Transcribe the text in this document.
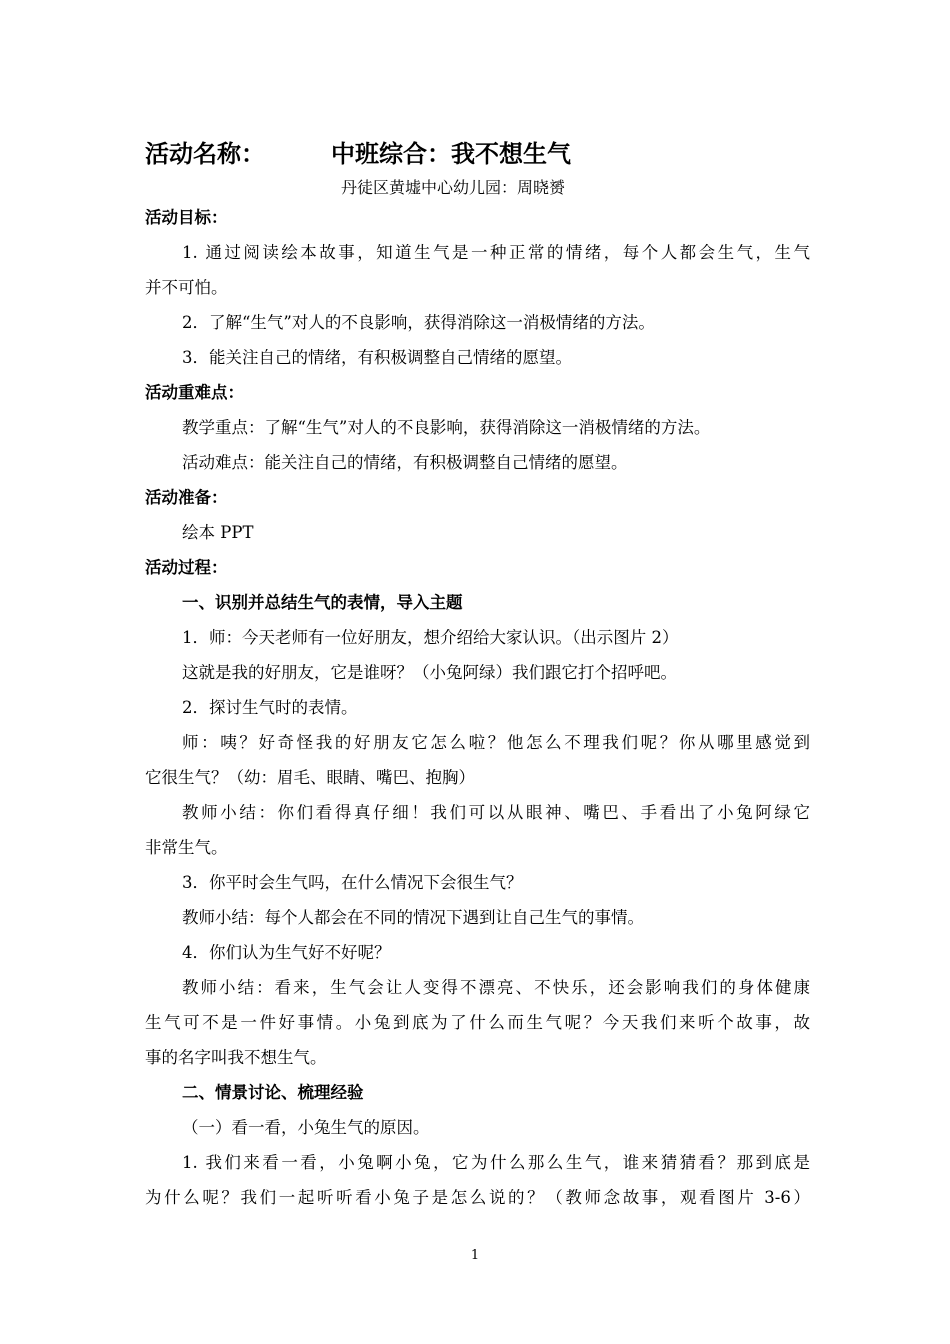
活动名称：	中班综合：我不想生气
丹徒区黄墟中心幼儿园：周晓赟
活动目标：
1. 通过阅读绘本故事，知道生气是一种正常的情绪，每个人都会生气，生气
并不可怕。
2．了解“生气”对人的不良影响，获得消除这一消极情绪的方法。
3．能关注自己的情绪，有积极调整自己情绪的愿望。
活动重难点：
教学重点：了解“生气”对人的不良影响，获得消除这一消极情绪的方法。
活动难点：能关注自己的情绪，有积极调整自己情绪的愿望。
活动准备：
绘本 PPT
活动过程：
一、识别并总结生气的表情，导入主题
1．师：今天老师有一位好朋友，想介绍给大家认识。（出示图片 2）
这就是我的好朋友，它是谁呀？（小兔阿绿）我们跟它打个招呼吧。
2．探讨生气时的表情。
师：咦？好奇怪我的好朋友它怎么啦？他怎么不理我们呢？你从哪里感觉到
它很生气？（幼：眉毛、眼睛、嘴巴、抱胸）
教师小结：你们看得真仔细！我们可以从眼神、嘴巴、手看出了小兔阿绿它
非常生气。
3．你平时会生气吗，在什么情况下会很生气？
教师小结：每个人都会在不同的情况下遇到让自己生气的事情。
4．你们认为生气好不好呢？
教师小结：看来，生气会让人变得不漂亮、不快乐，还会影响我们的身体健康
生气可不是一件好事情。小兔到底为了什么而生气呢？今天我们来听个故事，故
事的名字叫我不想生气。
二、情景讨论、梳理经验
（一）看一看，小兔生气的原因。
1. 我们来看一看，小兔啊小兔，它为什么那么生气，谁来猜猜看？那到底是
为什么呢？我们一起听听看小兔子是怎么说的？（教师念故事，观看图片 3-6）
1
